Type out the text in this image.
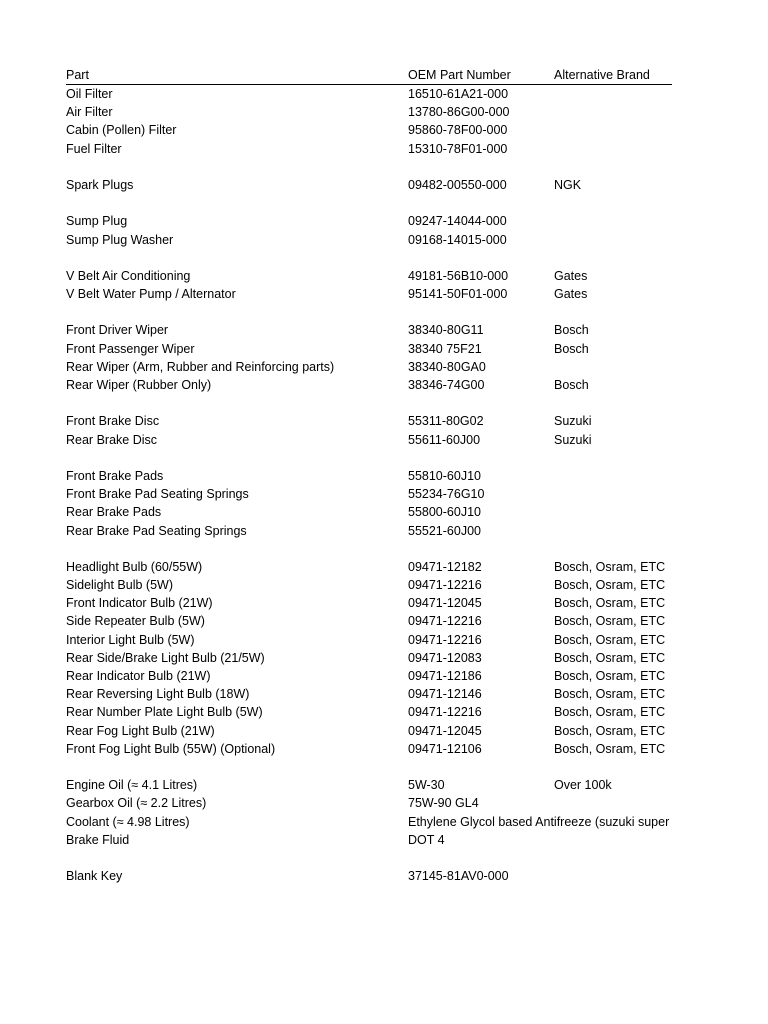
Part	OEM Part Number	Alternative Brand
Oil Filter	16510-61A21-000
Air Filter	13780-86G00-000
Cabin (Pollen) Filter	95860-78F00-000
Fuel Filter	15310-78F01-000
Spark Plugs	09482-00550-000	NGK
Sump Plug	09247-14044-000
Sump Plug Washer	09168-14015-000
V Belt Air Conditioning	49181-56B10-000	Gates
V Belt Water Pump / Alternator	95141-50F01-000	Gates
Front Driver Wiper	38340-80G11	Bosch
Front Passenger Wiper	38340 75F21	Bosch
Rear Wiper (Arm, Rubber and Reinforcing parts)	38340-80GA0
Rear Wiper (Rubber Only)	38346-74G00	Bosch
Front Brake Disc	55311-80G02	Suzuki
Rear Brake Disc	55611-60J00	Suzuki
Front Brake Pads	55810-60J10
Front Brake Pad Seating Springs	55234-76G10
Rear Brake Pads	55800-60J10
Rear Brake Pad Seating Springs	55521-60J00
Headlight Bulb (60/55W)	09471-12182	Bosch, Osram, ETC
Sidelight Bulb (5W)	09471-12216	Bosch, Osram, ETC
Front Indicator Bulb (21W)	09471-12045	Bosch, Osram, ETC
Side Repeater Bulb (5W)	09471-12216	Bosch, Osram, ETC
Interior Light Bulb (5W)	09471-12216	Bosch, Osram, ETC
Rear Side/Brake Light Bulb (21/5W)	09471-12083	Bosch, Osram, ETC
Rear Indicator Bulb (21W)	09471-12186	Bosch, Osram, ETC
Rear Reversing Light Bulb (18W)	09471-12146	Bosch, Osram, ETC
Rear Number Plate Light Bulb (5W)	09471-12216	Bosch, Osram, ETC
Rear Fog Light Bulb (21W)	09471-12045	Bosch, Osram, ETC
Front Fog Light Bulb (55W) (Optional)	09471-12106	Bosch, Osram, ETC
Engine Oil (≈ 4.1 Litres)	5W-30	Over 100k
Gearbox Oil (≈ 2.2 Litres)	75W-90 GL4
Coolant (≈ 4.98 Litres)	Ethylene Glycol based Antifreeze (suzuki super
Brake Fluid	DOT 4
Blank Key	37145-81AV0-000
